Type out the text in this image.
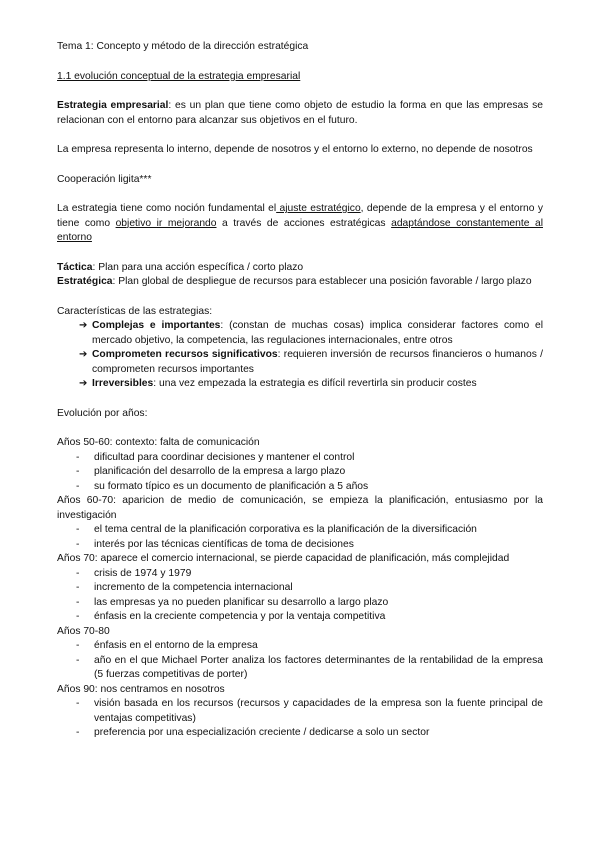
Tema 1: Concepto y método de la dirección estratégica

1.1 evolución conceptual de la estrategia empresarial

Estrategia empresarial: es un plan que tiene como objeto de estudio la forma en que las empresas se relacionan con el entorno para alcanzar sus objetivos en el futuro.

La empresa representa lo interno, depende de nosotros y el entorno lo externo, no depende de nosotros

Cooperación ligita***

La estrategia tiene como noción fundamental el ajuste estratégico, depende de la empresa y el entorno y tiene como objetivo ir mejorando a través de acciones estratégicas adaptándose constantemente al entorno

Táctica: Plan para una acción específica / corto plazo

Estratégica: Plan global de despliegue de recursos para establecer una posición favorable / largo plazo

Características de las estrategias:

➔ Complejas e importantes: (constan de muchas cosas) implica considerar factores como el mercado objetivo, la competencia, las regulaciones internacionales, entre otros
➔ Comprometen recursos significativos: requieren inversión de recursos financieros o humanos / comprometen recursos importantes
➔ Irreversibles: una vez empezada la estrategia es difícil revertirla sin producir costes

Evolución por años:

Años 50-60: contexto: falta de comunicación

- dificultad para coordinar decisiones y mantener el control
- planificación del desarrollo de la empresa a largo plazo
- su formato típico es un documento de planificación a 5 años

Años 60-70: aparicion de medio de comunicación, se empieza la planificación, entusiasmo por la investigación

- el tema central de la planificación corporativa es la planificación de la diversificación
- interés por las técnicas científicas de toma de decisiones

Años 70: aparece el comercio internacional, se pierde capacidad de planificación, más complejidad

- crisis de 1974 y 1979
- incremento de la competencia internacional
- las empresas ya no pueden planificar su desarrollo a largo plazo
- énfasis en la creciente competencia y por la ventaja competitiva

Años 70-80

- énfasis en el entorno de la empresa
- año en el que Michael Porter analiza los factores determinantes de la rentabilidad de la empresa (5 fuerzas competitivas de porter)

Años 90: nos centramos en nosotros

- visión basada en los recursos (recursos y capacidades de la empresa son la fuente principal de ventajas competitivas)
- preferencia por una especialización creciente / dedicarse a solo un sector
